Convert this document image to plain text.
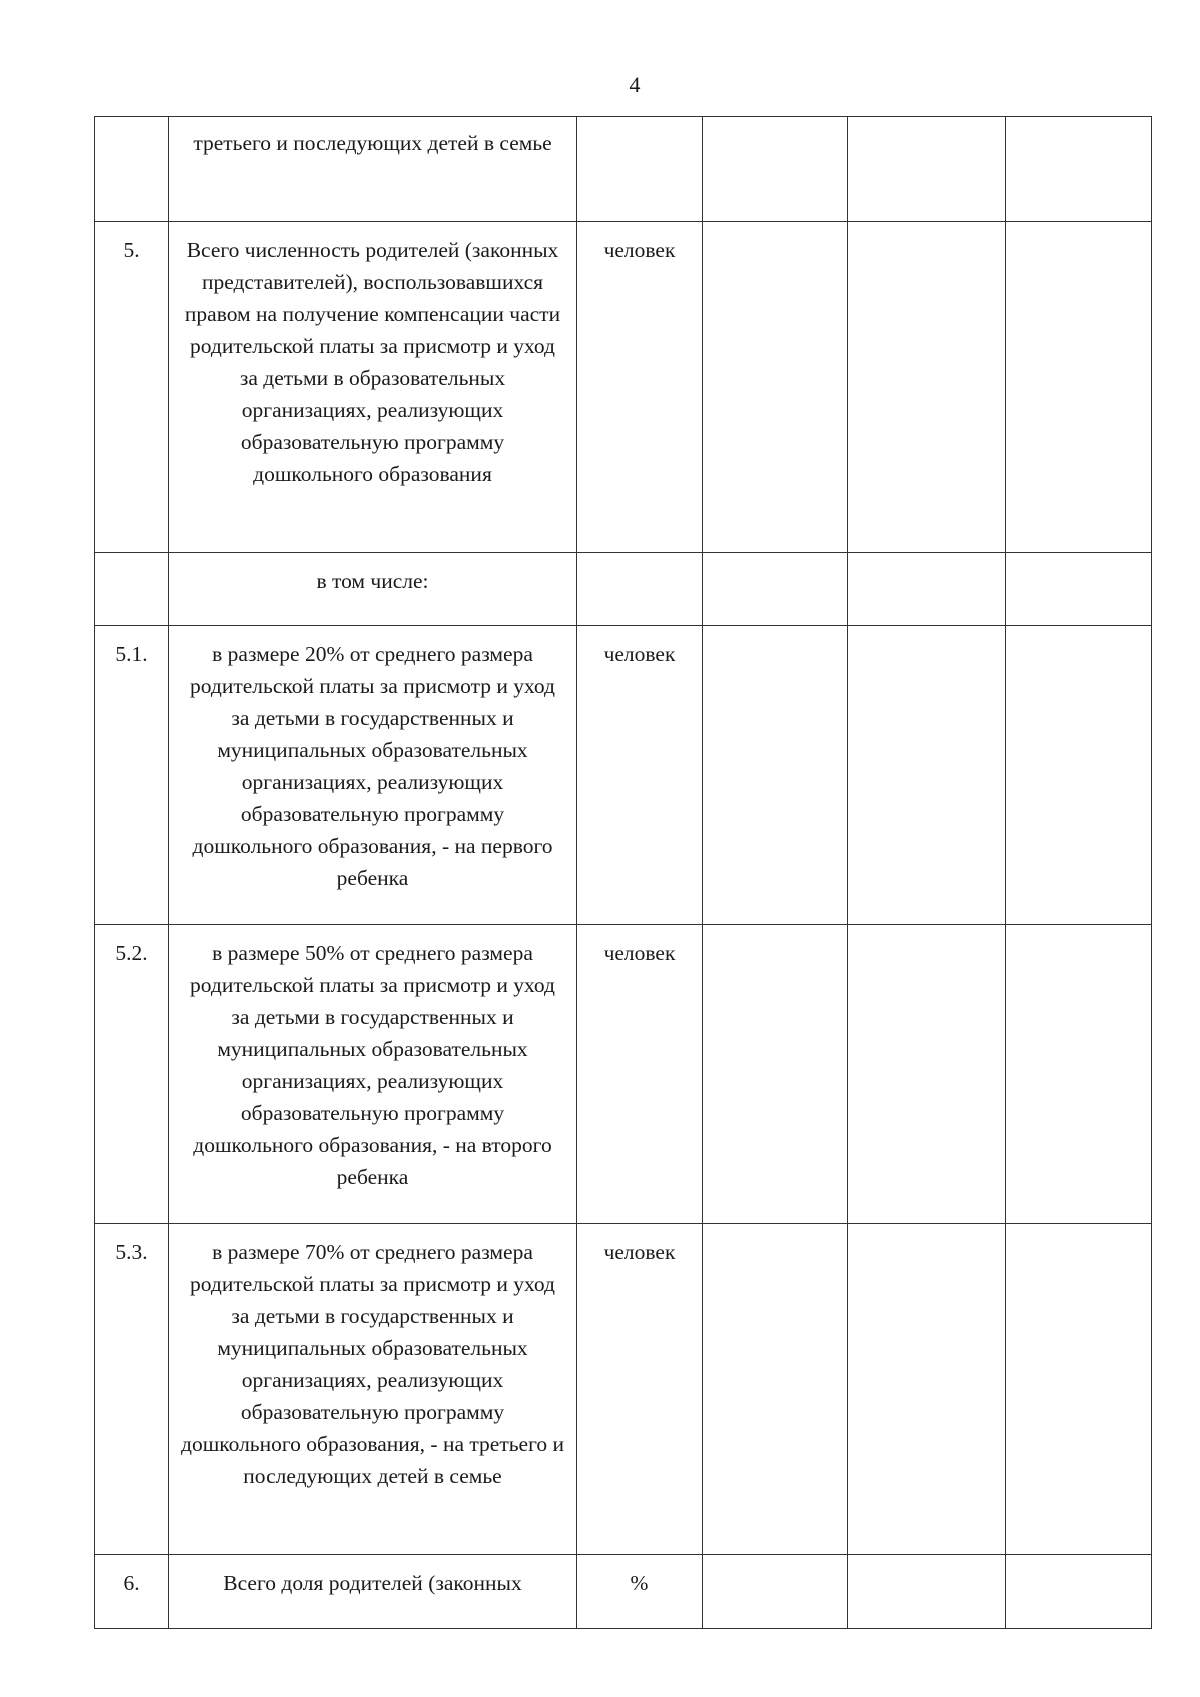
4

	третьего и последующих детей в семье				

5.	Всего численность родителей (законных представителей), воспользовавшихся правом на получение компенсации части родительской платы за присмотр и уход за детьми в образовательных организациях, реализующих образовательную программу дошкольного образования	человек			

	в том числе:				

5.1.	в размере 20% от среднего размера родительской платы за присмотр и уход за детьми в государственных и муниципальных образовательных организациях, реализующих образовательную программу дошкольного образования, - на первого ребенка	человек			

5.2.	в размере 50% от среднего размера родительской платы за присмотр и уход за детьми в государственных и муниципальных образовательных организациях, реализующих образовательную программу дошкольного образования, - на второго ребенка	человек			

5.3.	в размере 70% от среднего размера родительской платы за присмотр и уход за детьми в государственных и муниципальных образовательных организациях, реализующих образовательную программу дошкольного образования, - на третьего и последующих детей в семье	человек			

6.	Всего доля родителей (законных	%			
